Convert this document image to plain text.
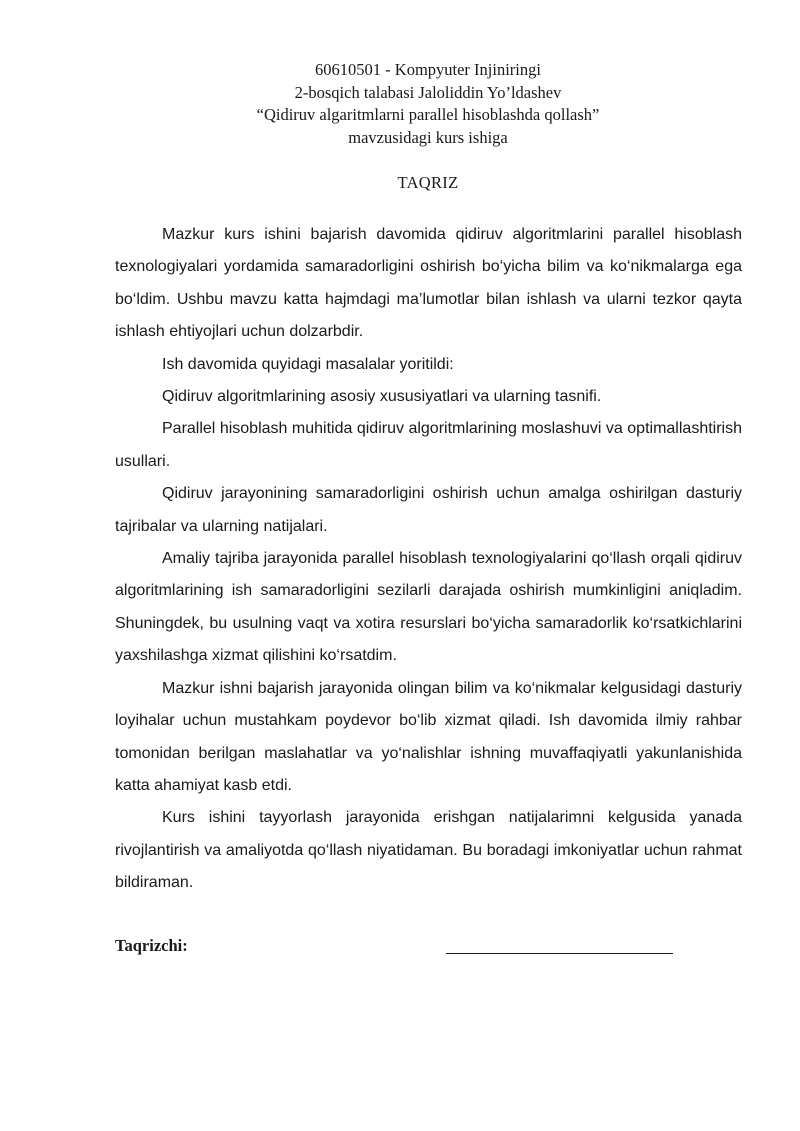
60610501 - Kompyuter Injiniringi
2-bosqich talabasi Jaloliddin Yo’ldashev
“Qidiruv algaritmlarni parallel hisoblashda qollash”
mavzusidagi kurs ishiga
TAQRIZ

Mazkur kurs ishini bajarish davomida qidiruv algoritmlarini parallel hisoblash texnologiyalari yordamida samaradorligini oshirish bo‘yicha bilim va ko‘nikmalarga ega bo‘ldim. Ushbu mavzu katta hajmdagi ma’lumotlar bilan ishlash va ularni tezkor qayta ishlash ehtiyojlari uchun dolzarbdir.

Ish davomida quyidagi masalalar yoritildi:

Qidiruv algoritmlarining asosiy xususiyatlari va ularning tasnifi.

Parallel hisoblash muhitida qidiruv algoritmlarining moslashuvi va optimallashtirish usullari.

Qidiruv jarayonining samaradorligini oshirish uchun amalga oshirilgan dasturiy tajribalar va ularning natijalari.

Amaliy tajriba jarayonida parallel hisoblash texnologiyalarini qo‘llash orqali qidiruv algoritmlarining ish samaradorligini sezilarli darajada oshirish mumkinligini aniqladim. Shuningdek, bu usulning vaqt va xotira resurslari bo‘yicha samaradorlik ko‘rsatkichlarini yaxshilashga xizmat qilishini ko‘rsatdim.

Mazkur ishni bajarish jarayonida olingan bilim va ko‘nikmalar kelgusidagi dasturiy loyihalar uchun mustahkam poydevor bo‘lib xizmat qiladi. Ish davomida ilmiy rahbar tomonidan berilgan maslahatlar va yo‘nalishlar ishning muvaffaqiyatli yakunlanishida katta ahamiyat kasb etdi.

Kurs ishini tayyorlash jarayonida erishgan natijalarimni kelgusida yanada rivojlantirish va amaliyotda qo‘llash niyatidaman. Bu boradagi imkoniyatlar uchun rahmat bildiraman.

Taqrizchi:
